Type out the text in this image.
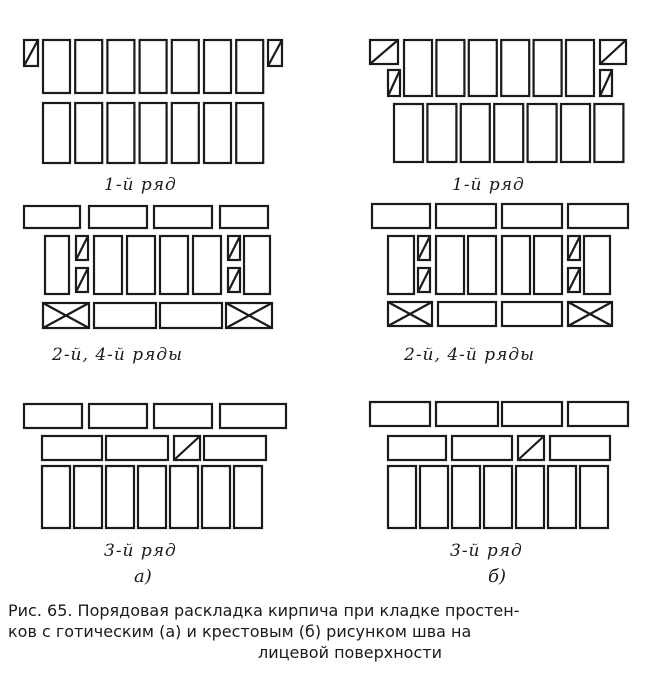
1-й ряд
2-й, 4-й ряды
3-й ряд
а)
1-й ряд
2-й, 4-й ряды
3-й ряд
б)
Рис. 65. Порядовая раскладка кирпича при кладке простен-
ков с готическим (а) и крестовым (б) рисунком шва на
лицевой поверхности
